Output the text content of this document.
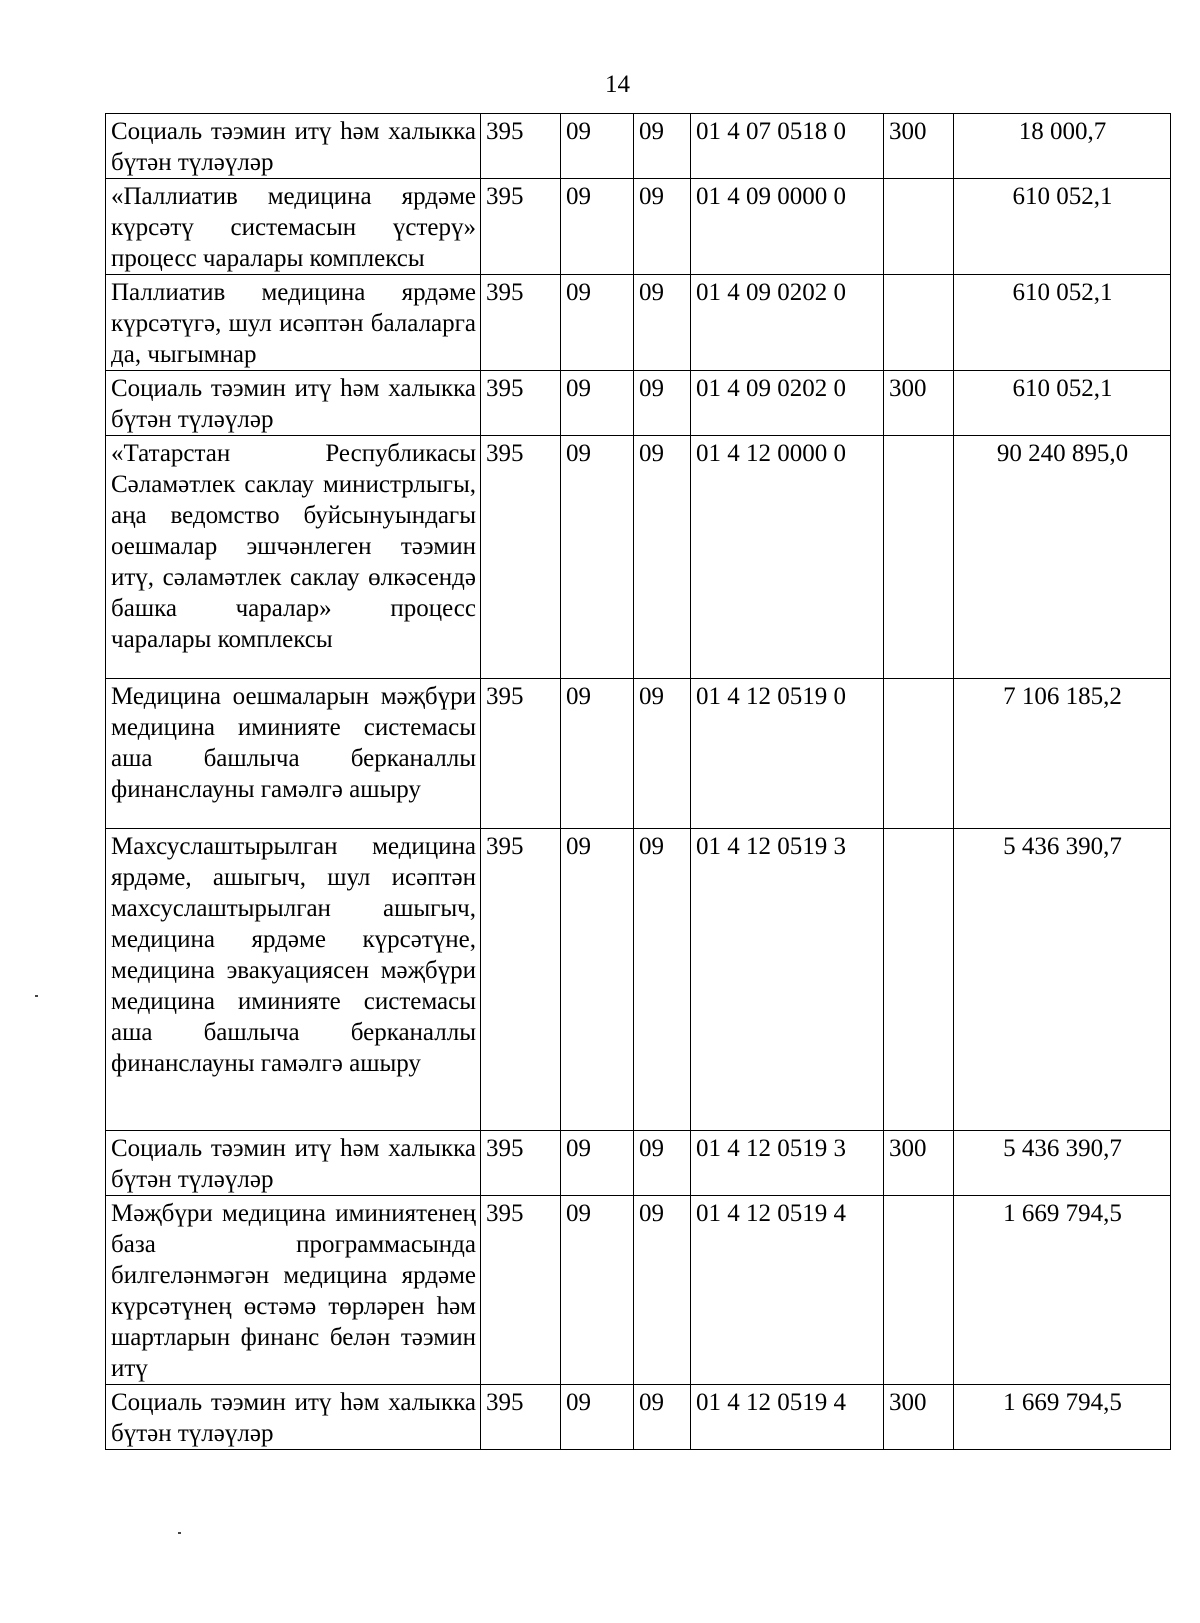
14
Социаль тәэмин итү һәм халыкка бүтән түләүләр	395	09	09	01 4 07 0518 0	300	18 000,7
«Паллиатив медицина ярдәме күрсәтү системасын үстерү» процесс чаралары комплексы	395	09	09	01 4 09 0000 0		610 052,1
Паллиатив медицина ярдәме күрсәтүгә, шул исәптән балаларга да, чыгымнар	395	09	09	01 4 09 0202 0		610 052,1
Социаль тәэмин итү һәм халыкка бүтән түләүләр	395	09	09	01 4 09 0202 0	300	610 052,1
«Татарстан Республикасы Сәламәтлек саклау министрлыгы, аңа ведомство буйсынуындагы оешмалар эшчәнлеген тәэмин итү, сәламәтлек саклау өлкәсендә башка чаралар» процесс чаралары комплексы	395	09	09	01 4 12 0000 0		90 240 895,0
Медицина оешмаларын мәҗбүри медицина иминияте системасы аша башлыча берканаллы финанслауны гамәлгә ашыру	395	09	09	01 4 12 0519 0		7 106 185,2
Махсуслаштырылган медицина ярдәме, ашыгыч, шул исәптән махсуслаштырылган ашыгыч, медицина ярдәме күрсәтүне, медицина эвакуациясен мәҗбүри медицина иминияте системасы аша башлыча берканаллы финанслауны гамәлгә ашыру	395	09	09	01 4 12 0519 3		5 436 390,7
Социаль тәэмин итү һәм халыкка бүтән түләүләр	395	09	09	01 4 12 0519 3	300	5 436 390,7
Мәҗбүри медицина иминиятенең база программасында билгеләнмәгән медицина ярдәме күрсәтүнең өстәмә төрләрен һәм шартларын финанс белән тәэмин итү	395	09	09	01 4 12 0519 4		1 669 794,5
Социаль тәэмин итү һәм халыкка бүтән түләүләр	395	09	09	01 4 12 0519 4	300	1 669 794,5
